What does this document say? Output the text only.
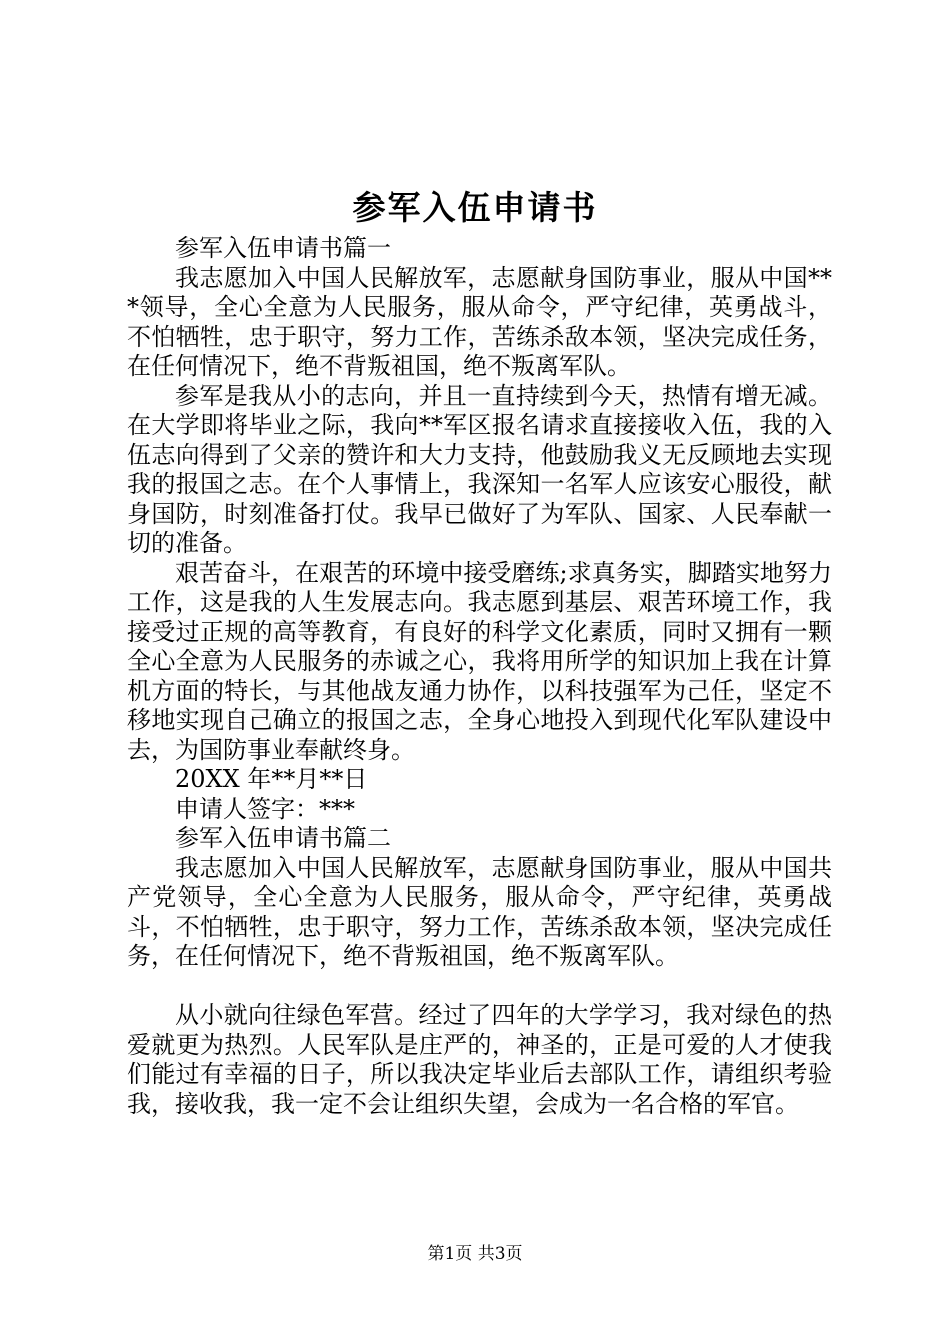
参军入伍申请书

参军入伍申请书篇一

我志愿加入中国人民解放军，志愿献身国防事业，服从中国***领导，全心全意为人民服务，服从命令，严守纪律，英勇战斗，不怕牺牲，忠于职守，努力工作，苦练杀敌本领，坚决完成任务，在任何情况下，绝不背叛祖国，绝不叛离军队。

参军是我从小的志向，并且一直持续到今天，热情有增无减。在大学即将毕业之际，我向**军区报名请求直接接收入伍，我的入伍志向得到了父亲的赞许和大力支持，他鼓励我义无反顾地去实现我的报国之志。在个人事情上，我深知一名军人应该安心服役，献身国防，时刻准备打仗。我早已做好了为军队、国家、人民奉献一切的准备。

艰苦奋斗，在艰苦的环境中接受磨练;求真务实，脚踏实地努力工作，这是我的人生发展志向。我志愿到基层、艰苦环境工作，我接受过正规的高等教育，有良好的科学文化素质，同时又拥有一颗全心全意为人民服务的赤诚之心，我将用所学的知识加上我在计算机方面的特长，与其他战友通力协作，以科技强军为己任，坚定不移地实现自己确立的报国之志，全身心地投入到现代化军队建设中去，为国防事业奉献终身。

20XX 年**月**日

申请人签字：***

参军入伍申请书篇二

我志愿加入中国人民解放军，志愿献身国防事业，服从中国共产党领导，全心全意为人民服务，服从命令，严守纪律，英勇战斗，不怕牺牲，忠于职守，努力工作，苦练杀敌本领，坚决完成任务，在任何情况下，绝不背叛祖国，绝不叛离军队。

从小就向往绿色军营。经过了四年的大学学习，我对绿色的热爱就更为热烈。人民军队是庄严的，神圣的，正是可爱的人才使我们能过有幸福的日子，所以我决定毕业后去部队工作，请组织考验我，接收我，我一定不会让组织失望，会成为一名合格的军官。

第1页 共3页
